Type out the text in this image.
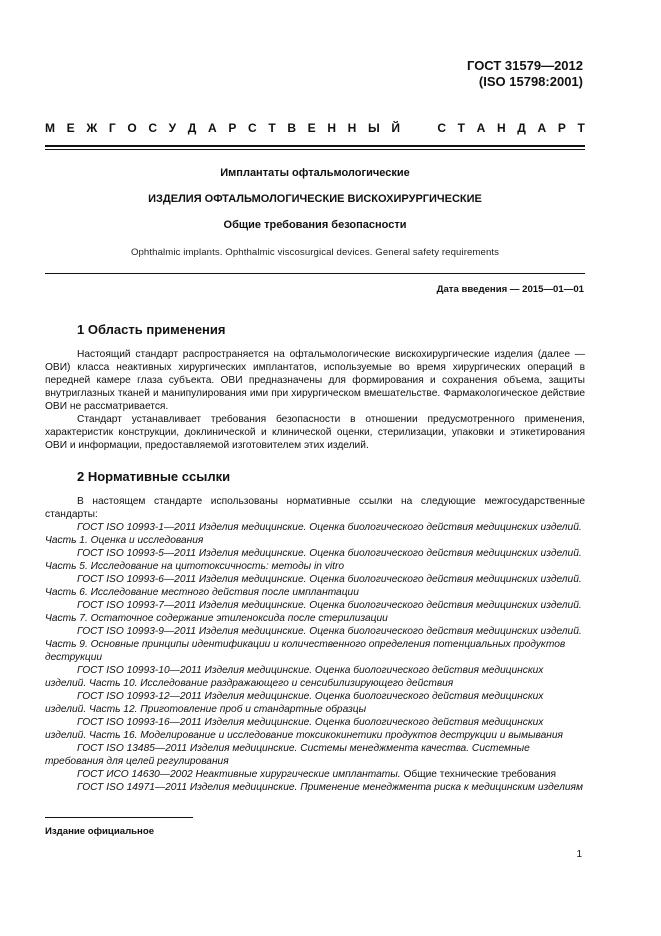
ГОСТ 31579—2012
(ISO 15798:2001)
М Е Ж Г О С У Д А Р С Т В Е Н Н Ы Й	С Т А Н Д А Р Т
Имплантаты офтальмологические
ИЗДЕЛИЯ ОФТАЛЬМОЛОГИЧЕСКИЕ ВИСКОХИРУРГИЧЕСКИЕ
Общие требования безопасности
Ophthalmic implants. Ophthalmic viscosurgical devices. General safety requirements
Дата введения — 2015—01—01
1 Область применения

Настоящий стандарт распространяется на офтальмологические вискохирургические изделия (далее — ОВИ) класса неактивных хирургических имплантатов, используемые во время хирургических операций в передней камере глаза субъекта. ОВИ предназначены для формирования и сохранения объема, защиты внутриглазных тканей и манипулирования ими при хирургическом вмешательстве. Фармакологическое действие ОВИ не рассматривается.

Стандарт устанавливает требования безопасности в отношении предусмотренного применения, характеристик конструкции, доклинической и клинической оценки, стерилизации, упаковки и этикетирования ОВИ и информации, предоставляемой изготовителем этих изделий.

2 Нормативные ссылки

В настоящем стандарте использованы нормативные ссылки на следующие межгосударственные стандарты:

ГОСТ ISO 10993-1—2011 Изделия медицинские. Оценка биологического действия медицинских изделий. Часть 1. Оценка и исследования

ГОСТ ISO 10993-5—2011 Изделия медицинские. Оценка биологического действия медицинских изделий. Часть 5. Исследование на цитотоксичность: методы in vitro

ГОСТ ISO 10993-6—2011 Изделия медицинские. Оценка биологического действия медицинских изделий. Часть 6. Исследование местного действия после имплантации

ГОСТ ISO 10993-7—2011 Изделия медицинские. Оценка биологического действия медицинских изделий. Часть 7. Остаточное содержание этиленоксида после стерилизации

ГОСТ ISO 10993-9—2011 Изделия медицинские. Оценка биологического действия медицинских изделий. Часть 9. Основные принципы идентификации и количественного определения потенциальных продуктов деструкции

ГОСТ ISO 10993-10—2011 Изделия медицинские. Оценка биологического действия медицинских изделий. Часть 10. Исследование раздражающего и сенсибилизирующего действия

ГОСТ ISO 10993-12—2011 Изделия медицинские. Оценка биологического действия медицинских изделий. Часть 12. Приготовление проб и стандартные образцы

ГОСТ ISO 10993-16—2011 Изделия медицинские. Оценка биологического действия медицинских изделий. Часть 16. Моделирование и исследование токсикокинетики продуктов деструкции и вымывания

ГОСТ ISO 13485—2011 Изделия медицинские. Системы менеджмента качества. Системные требования для целей регулирования

ГОСТ ИСО 14630—2002 Неактивные хирургические имплантаты. Общие технические требования

ГОСТ ISO 14971—2011 Изделия медицинские. Применение менеджмента риска к медицинским изделиям

Издание официальное
1
